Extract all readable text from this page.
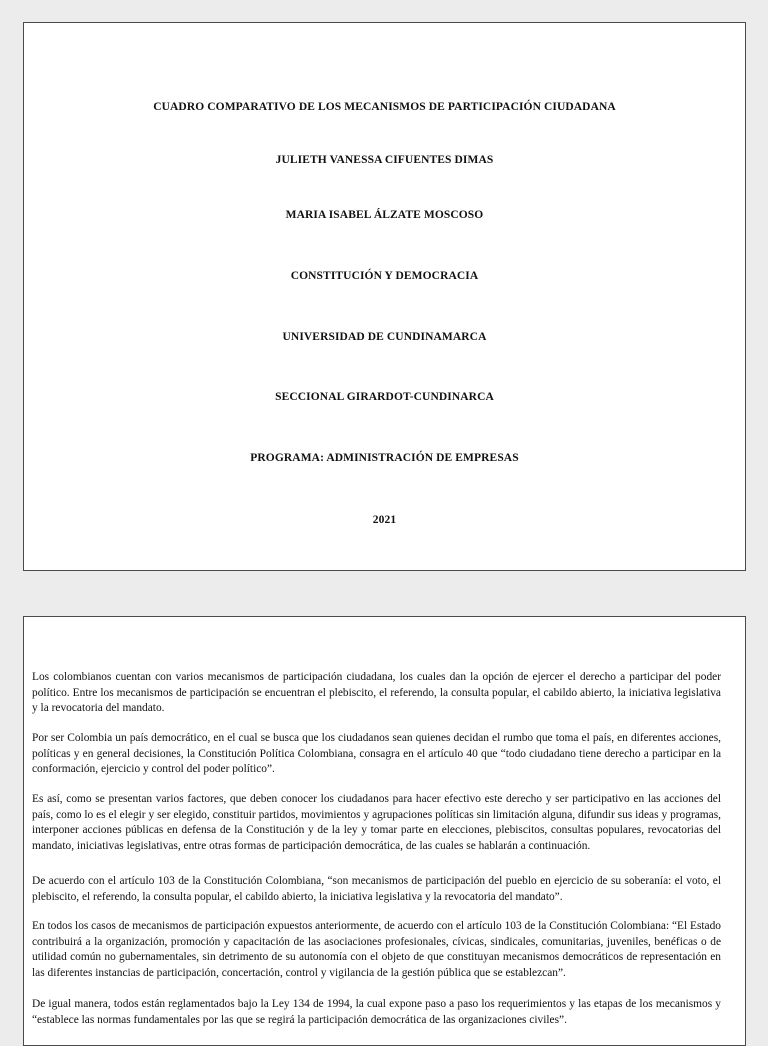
CUADRO COMPARATIVO DE LOS MECANISMOS DE PARTICIPACIÓN CIUDADANA
JULIETH VANESSA CIFUENTES DIMAS
MARIA ISABEL ÁLZATE MOSCOSO
CONSTITUCIÓN Y DEMOCRACIA
UNIVERSIDAD DE CUNDINAMARCA
SECCIONAL GIRARDOT-CUNDINARCA
PROGRAMA: ADMINISTRACIÓN DE EMPRESAS
2021

Los colombianos cuentan con varios mecanismos de participación ciudadana, los cuales dan la opción de ejercer el derecho a participar del poder político. Entre los mecanismos de participación se encuentran el plebiscito, el referendo, la consulta popular, el cabildo abierto, la iniciativa legislativa y la revocatoria del mandato.

Por ser Colombia un país democrático, en el cual se busca que los ciudadanos sean quienes decidan el rumbo que toma el país, en diferentes acciones, políticas y en general decisiones, la Constitución Política Colombiana, consagra en el artículo 40 que “todo ciudadano tiene derecho a participar en la conformación, ejercicio y control del poder político”.

Es así, como se presentan varios factores, que deben conocer los ciudadanos para hacer efectivo este derecho y ser participativo en las acciones del país, como lo es el elegir y ser elegido, constituir partidos, movimientos y agrupaciones políticas sin limitación alguna, difundir sus ideas y programas, interponer acciones públicas en defensa de la Constitución y de la ley y tomar parte en elecciones, plebiscitos, consultas populares, revocatorias del mandato, iniciativas legislativas, entre otras formas de participación democrática, de las cuales se hablarán a continuación.

De acuerdo con el artículo 103 de la Constitución Colombiana, “son mecanismos de participación del pueblo en ejercicio de su soberanía: el voto, el plebiscito, el referendo, la consulta popular, el cabildo abierto, la iniciativa legislativa y la revocatoria del mandato”.

En todos los casos de mecanismos de participación expuestos anteriormente, de acuerdo con el artículo 103 de la Constitución Colombiana: “El Estado contribuirá a la organización, promoción y capacitación de las asociaciones profesionales, cívicas, sindicales, comunitarias, juveniles, benéficas o de utilidad común no gubernamentales, sin detrimento de su autonomía con el objeto de que constituyan mecanismos democráticos de representación en las diferentes instancias de participación, concertación, control y vigilancia de la gestión pública que se establezcan”.

De igual manera, todos están reglamentados bajo la Ley 134 de 1994, la cual expone paso a paso los requerimientos y las etapas de los mecanismos y “establece las normas fundamentales por las que se regirá la participación democrática de las organizaciones civiles”.
